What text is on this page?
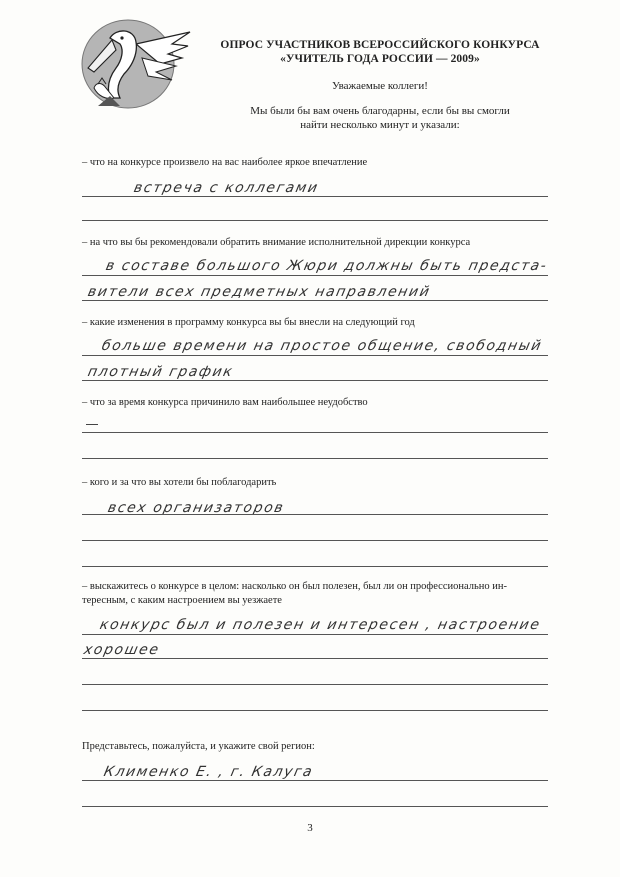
ОПРОС УЧАСТНИКОВ ВСЕРОССИЙСКОГО КОНКУРСА
«УЧИТЕЛЬ ГОДА РОССИИ — 2009»
Уважаемые коллеги!
Мы были бы вам очень благодарны, если бы вы смогли
найти несколько минут и указали:
– что на конкурсе произвело на вас наиболее яркое впечатление
встреча с коллегами
– на что вы бы рекомендовали обратить внимание исполнительной дирекции конкурса
в составе большого Жюри должны быть предста-
вители всех предметных направлений
– какие изменения в программу конкурса вы бы внесли на следующий год
больше времени на простое общение, свободный
плотный график
– что за время конкурса причинило вам наибольшее неудобство
– кого и за что вы хотели бы поблагодарить
всех организаторов
– выскажитесь о конкурсе в целом: насколько он был полезен, был ли он профессионально ин-
тересным, с каким настроением вы уезжаете
конкурс был и полезен и интересен , настроение
хорошее
Представьтесь, пожалуйста, и укажите свой регион:
Клименко Е. , г. Калуга
3
